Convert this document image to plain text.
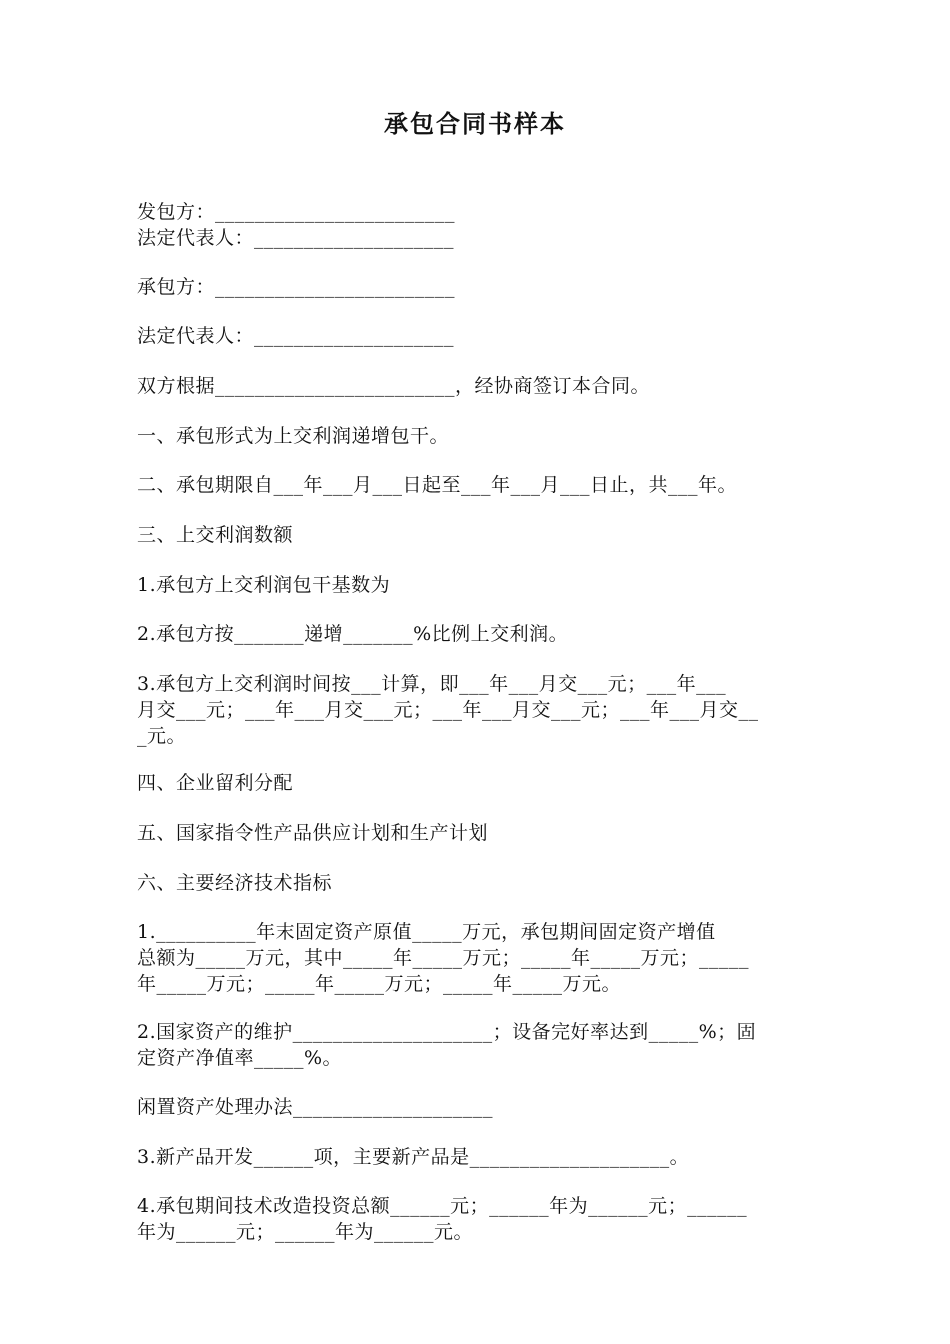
承包合同书样本
发包方：________________________
法定代表人：____________________
承包方：________________________
法定代表人：____________________
双方根据________________________，经协商签订本合同。
一、承包形式为上交利润递增包干。
二、承包期限自___年___月___日起至___年___月___日止，共___年。
三、上交利润数额
1.承包方上交利润包干基数为
2.承包方按_______递增_______%比例上交利润。
3.承包方上交利润时间按___计算，即___年___月交___元；___年___
月交___元；___年___月交___元；___年___月交___元；___年___月交__
_元。
四、企业留利分配
五、国家指令性产品供应计划和生产计划
六、主要经济技术指标
1.__________年末固定资产原值_____万元，承包期间固定资产增值
总额为_____万元，其中_____年_____万元；_____年_____万元；_____
年_____万元；_____年_____万元；_____年_____万元。
2.国家资产的维护____________________；设备完好率达到_____%；固
定资产净值率_____%。
闲置资产处理办法____________________
3.新产品开发______项，主要新产品是____________________。
4.承包期间技术改造投资总额______元；______年为______元；______
年为______元；______年为______元。
